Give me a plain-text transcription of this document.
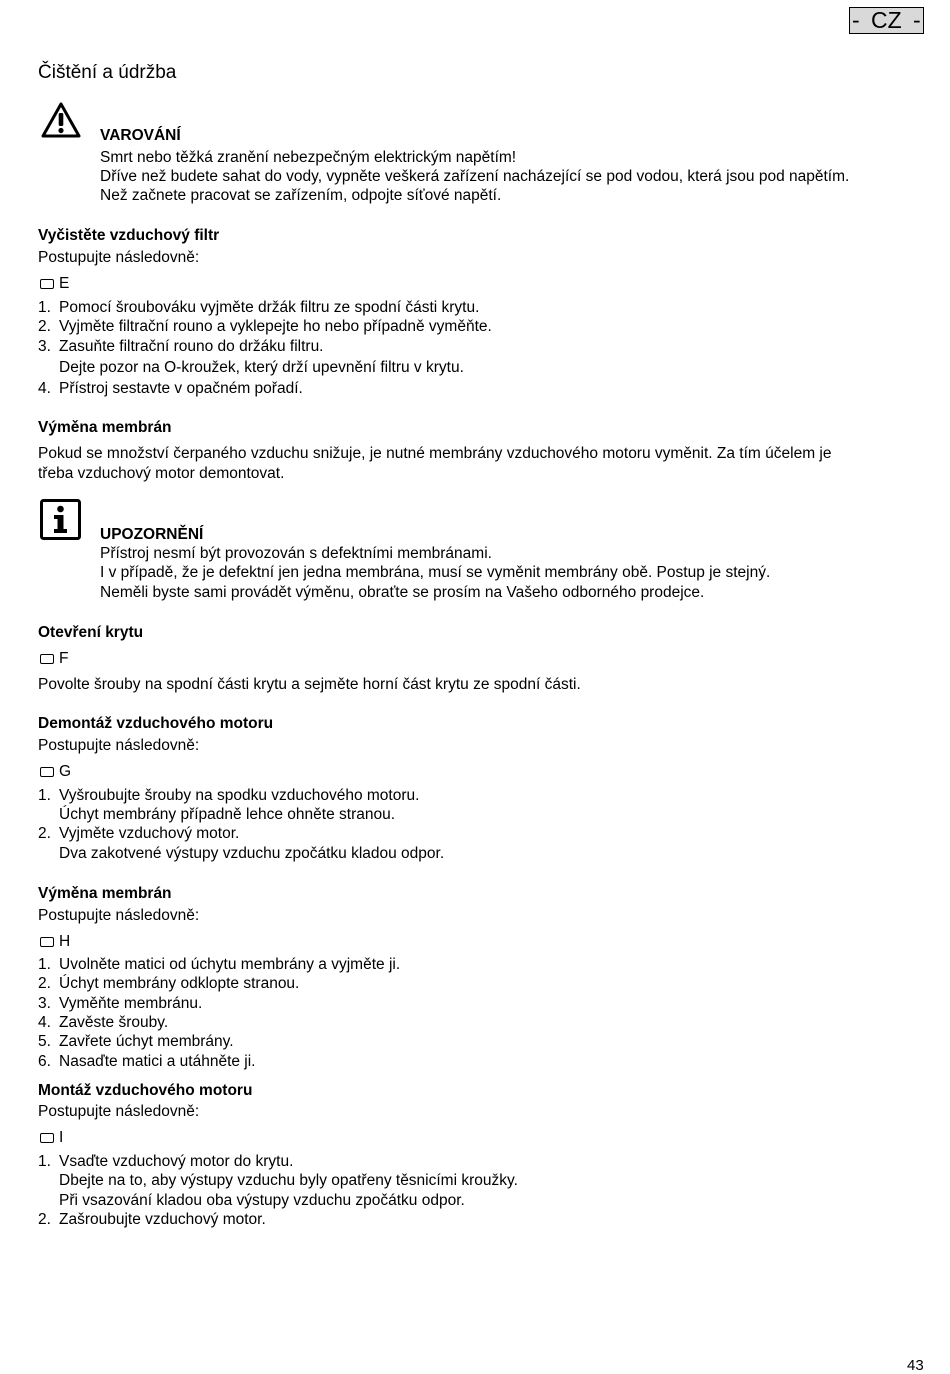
- CZ -
Čištění a údržba
VAROVÁNÍ
Smrt nebo těžká zranění nebezpečným elektrickým napětím!
Dříve než budete sahat do vody, vypněte veškerá zařízení nacházející se pod vodou, která jsou pod napětím.
Než začnete pracovat se zařízením, odpojte síťové napětí.
Vyčistěte vzduchový filtr
Postupujte následovně:
E
1. Pomocí šroubováku vyjměte držák filtru ze spodní části krytu.
2. Vyjměte filtrační rouno a vyklepejte ho nebo případně vyměňte.
3. Zasuňte filtrační rouno do držáku filtru.
Dejte pozor na O-kroužek, který drží upevnění filtru v krytu.
4. Přístroj sestavte v opačném pořadí.
Výměna membrán
Pokud se množství čerpaného vzduchu snižuje, je nutné membrány vzduchového motoru vyměnit. Za tím účelem je
třeba vzduchový motor demontovat.
UPOZORNĚNÍ
Přístroj nesmí být provozován s defektními membránami.
I v případě, že je defektní jen jedna membrána, musí se vyměnit membrány obě. Postup je stejný.
Neměli byste sami provádět výměnu, obraťte se prosím na Vašeho odborného prodejce.
Otevření krytu
F
Povolte šrouby na spodní části krytu a sejměte horní část krytu ze spodní části.
Demontáž vzduchového motoru
Postupujte následovně:
G
1. Vyšroubujte šrouby na spodku vzduchového motoru.
Úchyt membrány případně lehce ohněte stranou.
2. Vyjměte vzduchový motor.
Dva zakotvené výstupy vzduchu zpočátku kladou odpor.
Výměna membrán
Postupujte následovně:
H
1. Uvolněte matici od úchytu membrány a vyjměte ji.
2. Úchyt membrány odklopte stranou.
3. Vyměňte membránu.
4. Zavěste šrouby.
5. Zavřete úchyt membrány.
6. Nasaďte matici a utáhněte ji.
Montáž vzduchového motoru
Postupujte následovně:
I
1. Vsaďte vzduchový motor do krytu.
Dbejte na to, aby výstupy vzduchu byly opatřeny těsnicími kroužky.
Při vsazování kladou oba výstupy vzduchu zpočátku odpor.
2. Zašroubujte vzduchový motor.
43
